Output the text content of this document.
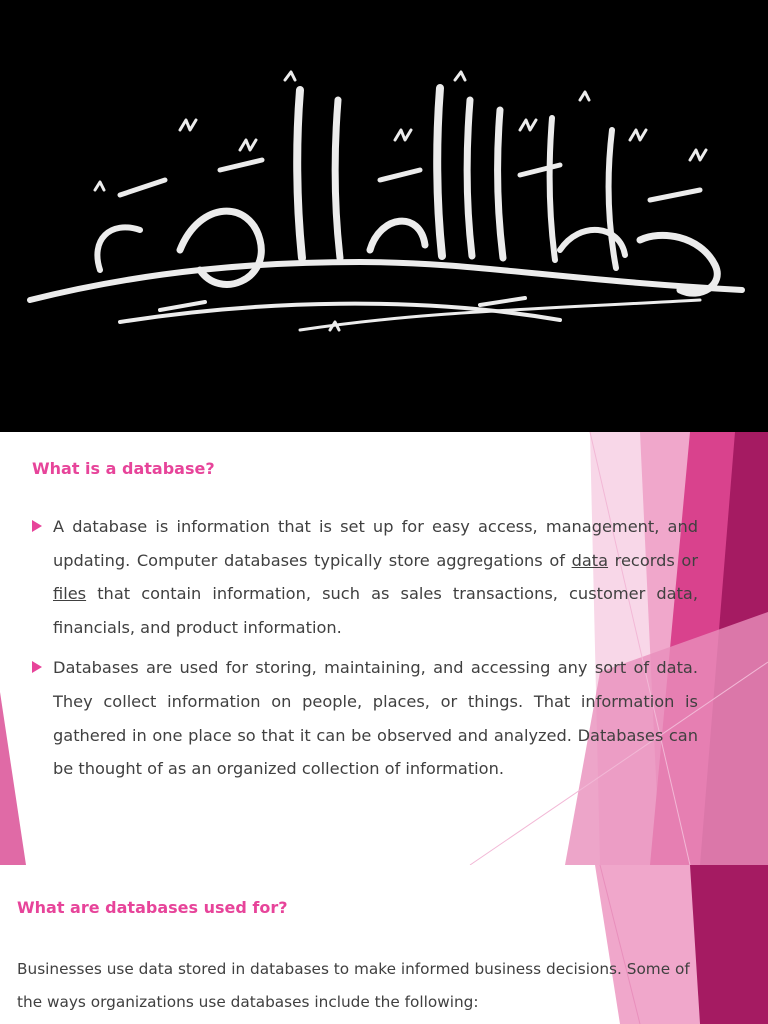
What is a database?
A database is information that is set up for easy access, management, and updating. Computer databases typically store aggregations of data records or files that contain information, such as sales transactions, customer data, financials, and product information.
Databases are used for storing, maintaining, and accessing any sort of data. They collect information on people, places, or things. That information is gathered in one place so that it can be observed and analyzed. Databases can be thought of as an organized collection of information.
What are databases used for?

Businesses use data stored in databases to make informed business decisions. Some of the ways organizations use databases include the following:
